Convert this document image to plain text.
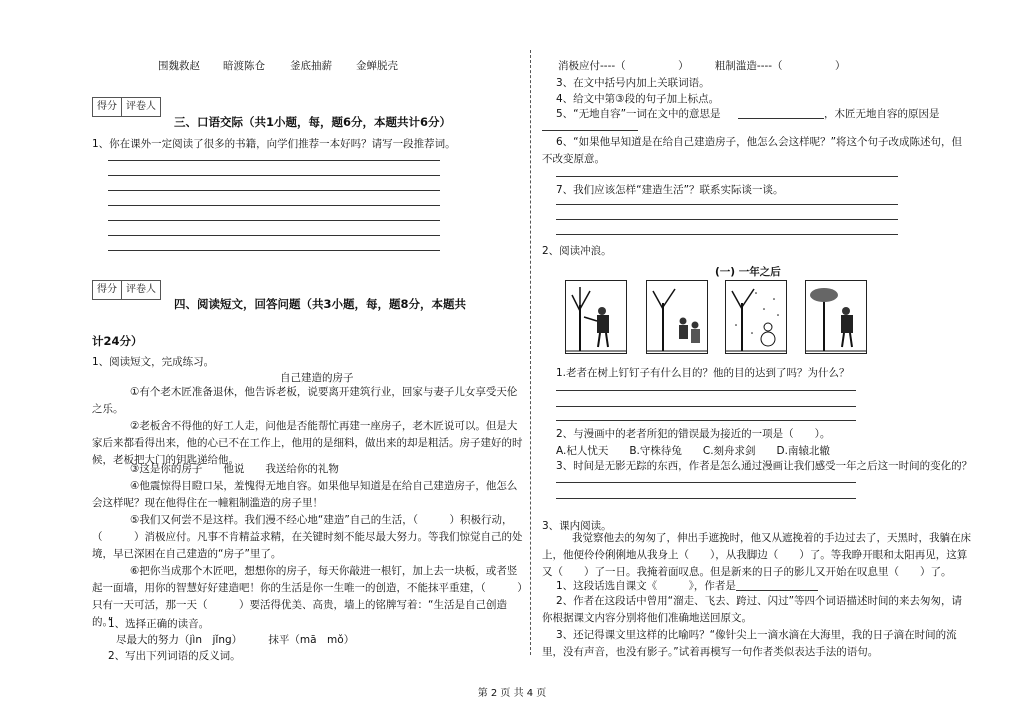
围魏救赵 暗渡陈仓 釜底抽薪 金蝉脱壳
得分 评卷人
三、口语交际（共1小题，每，题6分，本题共计6分）
1、你在课外一定阅读了很多的书籍，向学们推荐一本好吗？请写一段推荐词。
得分 评卷人
四、阅读短文，回答问题（共3小题，每，题8分，本题共
计24分）
1、阅读短文，完成练习。
自己建造的房子
①有个老木匠准备退休，他告诉老板，说要离开建筑行业，回家与妻子儿女享受天伦之乐。
②老板舍不得他的好工人走，问他是否能帮忙再建一座房子，老木匠说可以。但是大家后来都看得出来，他的心已不在工作上，他用的是细料，做出来的却是粗活。房子建好的时候，老板把大门的钥匙递给他。
③这是你的房子　　他说　　我送给你的礼物
④他震惊得目瞪口呆，羞愧得无地自容。如果他早知道是在给自己建造房子，他怎么会这样呢？现在他得住在一幢粗制滥造的房子里！
⑤我们又何尝不是这样。我们漫不经心地“建造”自己的生活，（　　　）积极行动，（　　　）消极应付。凡事不肯精益求精，在关键时刻不能尽最大努力。等我们惊觉自己的处境，早已深困在自己建造的“房子”里了。
⑥把你当成那个木匠吧，想想你的房子，每天你敲进一根钉，加上去一块板，或者竖起一面墙，用你的智慧好好建造吧！你的生活是你一生唯一的创造，不能抹平重建，（　　　）只有一天可活，那一天（　　　）要活得优美、高贵，墙上的铭牌写着：“生活是自己创造的。”
1、选择正确的读音。
尽最大的努力（jìn　jǐng）　　　抹平（mā　mǒ）
2、写出下列词语的反义词。
消极应付----（　　　　　）　　　粗制滥造----（　　　　　）
3、在文中括号内加上关联词语。
4、给文中第③段的句子加上标点。
5、“无地自容”一词在文中的意思是	，木匠无地自容的原因是
6、“如果他早知道是在给自己建造房子，他怎么会这样呢？”将这个句子改成陈述句，但不改变原意。
7、我们应该怎样“建造生活”？联系实际谈一谈。
2、阅读冲浪。
(一) 一年之后
1.老者在树上钉钉子有什么目的？他的目的达到了吗？为什么？
2、与漫画中的老者所犯的错误最为接近的一项是（　　）。
A.杞人忧天　　B.守株待兔　　C.刻舟求剑　　D.南辕北辙
3、时间是无影无踪的东西，作者是怎么通过漫画让我们感受一年之后这一时间的变化的？
3、课内阅读。
我觉察他去的匆匆了，伸出手遮挽时，他又从遮挽着的手边过去了，天黑时，我躺在床上，他便伶伶俐俐地从我身上（　　），从我脚边（　　）了。等我睁开眼和太阳再见，这算又（　　）了一日。我掩着面叹息。但是新来的日子的影儿又开始在叹息里（　　）了。
1、这段话选自课文《　　　》，作者是
2、作者在这段话中曾用“溜走、飞去、跨过、闪过”等四个词语描述时间的来去匆匆，请你根据课文内容分别将他们准确地送回原文。
3、还记得课文里这样的比喻吗？“像针尖上一滴水滴在大海里，我的日子滴在时间的流里，没有声音，也没有影子。”试着再模写一句作者类似表达手法的语句。
第 2 页 共 4 页
